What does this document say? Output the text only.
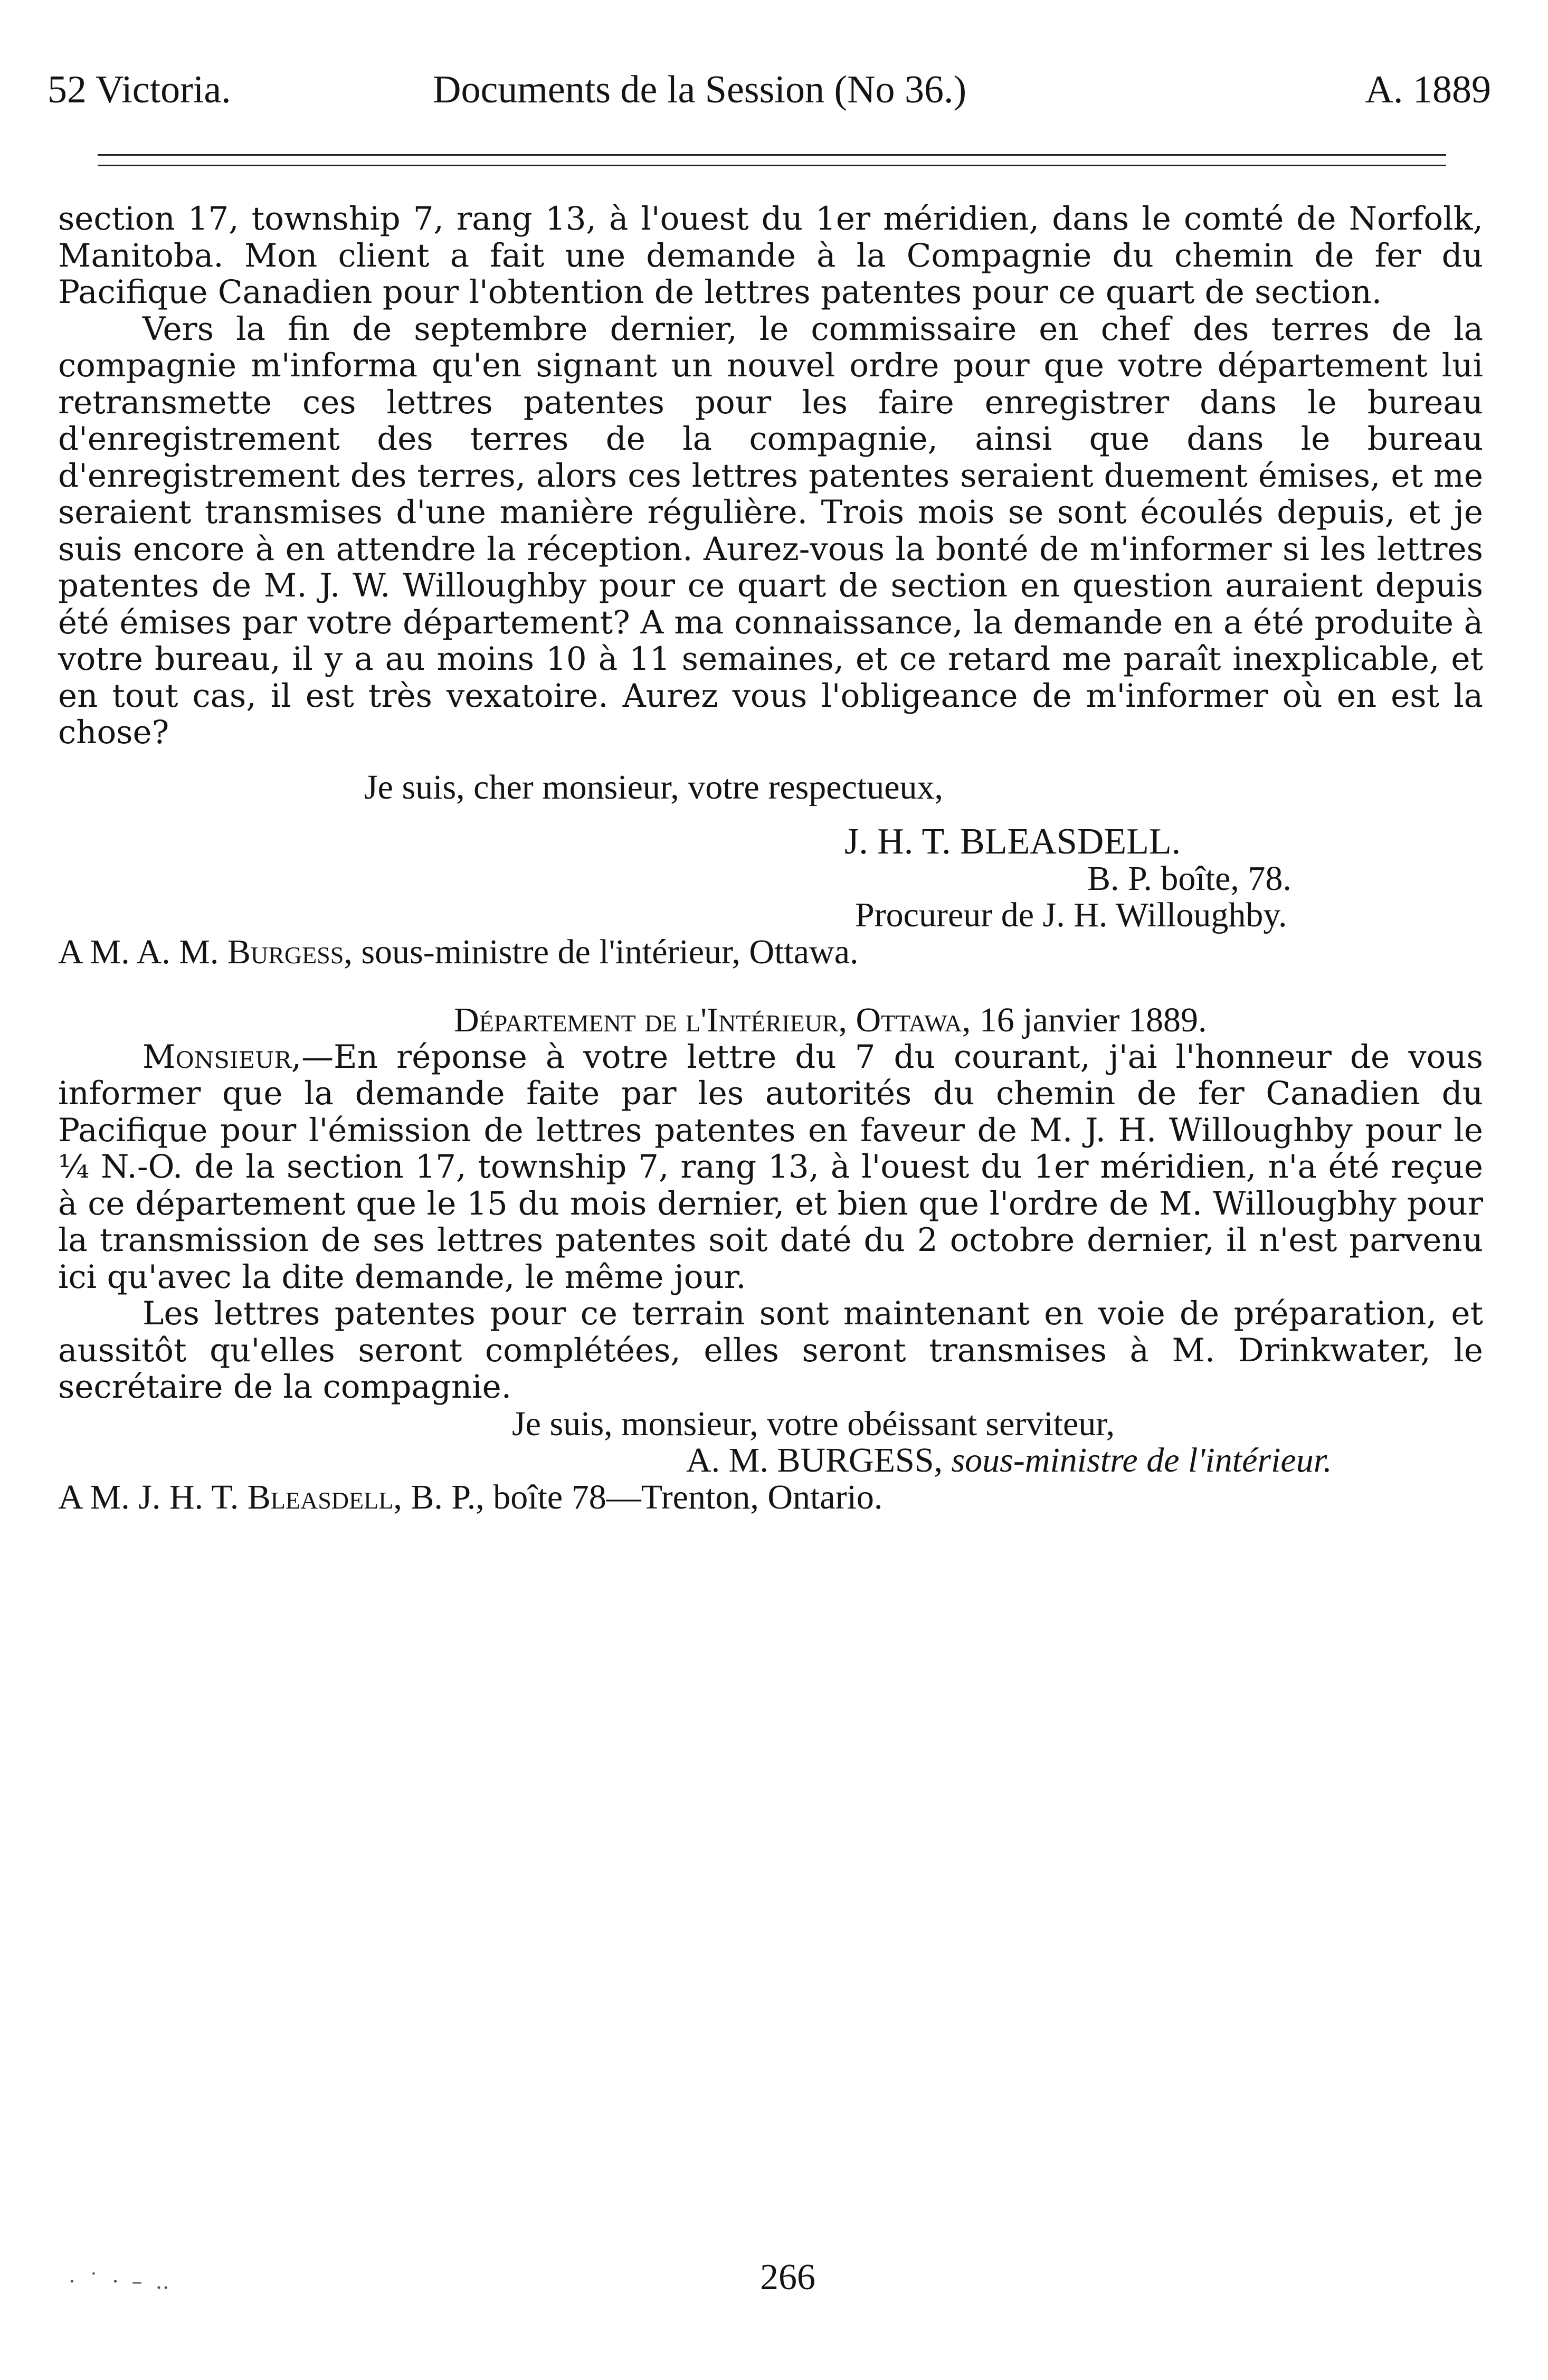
52 Victoria.	Documents de la Session (No 36.)	A. 1889

section 17, township 7, rang 13, à l'ouest du 1er méridien, dans le comté de Norfolk, Manitoba. Mon client a fait une demande à la Compagnie du chemin de fer du Pacifique Canadien pour l'obtention de lettres patentes pour ce quart de section.

Vers la fin de septembre dernier, le commissaire en chef des terres de la compagnie m'informa qu'en signant un nouvel ordre pour que votre département lui retransmette ces lettres patentes pour les faire enregistrer dans le bureau d'enregistrement des terres de la compagnie, ainsi que dans le bureau d'enregistrement des terres, alors ces lettres patentes seraient duement émises, et me seraient transmises d'une manière régulière. Trois mois se sont écoulés depuis, et je suis encore à en attendre la réception. Aurez-vous la bonté de m'informer si les lettres patentes de M. J. W. Willoughby pour ce quart de section en question auraient depuis été émises par votre département? A ma connaissance, la demande en a été produite à votre bureau, il y a au moins 10 à 11 semaines, et ce retard me paraît inexplicable, et en tout cas, il est très vexatoire. Aurez vous l'obligeance de m'informer où en est la chose?

Je suis, cher monsieur, votre respectueux,

J. H. T. BLEASDELL.

B. P. boîte, 78.

Procureur de J. H. Willoughby.

A M. A. M. Burgess, sous-ministre de l'intérieur, Ottawa.

Département de l'Intérieur, Ottawa, 16 janvier 1889.

Monsieur,—En réponse à votre lettre du 7 du courant, j'ai l'honneur de vous informer que la demande faite par les autorités du chemin de fer Canadien du Pacifique pour l'émission de lettres patentes en faveur de M. J. H. Willoughby pour le ¼ N.-O. de la section 17, township 7, rang 13, à l'ouest du 1er méridien, n'a été reçue à ce département que le 15 du mois dernier, et bien que l'ordre de M. Willougbhy pour la transmission de ses lettres patentes soit daté du 2 octobre dernier, il n'est parvenu ici qu'avec la dite demande, le même jour.

Les lettres patentes pour ce terrain sont maintenant en voie de préparation, et aussitôt qu'elles seront complétées, elles seront transmises à M. Drinkwater, le secrétaire de la compagnie.

Je suis, monsieur, votre obéissant serviteur,

A. M. BURGESS, sous-ministre de l'intérieur.

A M. J. H. T. Bleasdell, B. P., boîte 78—Trenton, Ontario.

· ˙ · – ‥	266
